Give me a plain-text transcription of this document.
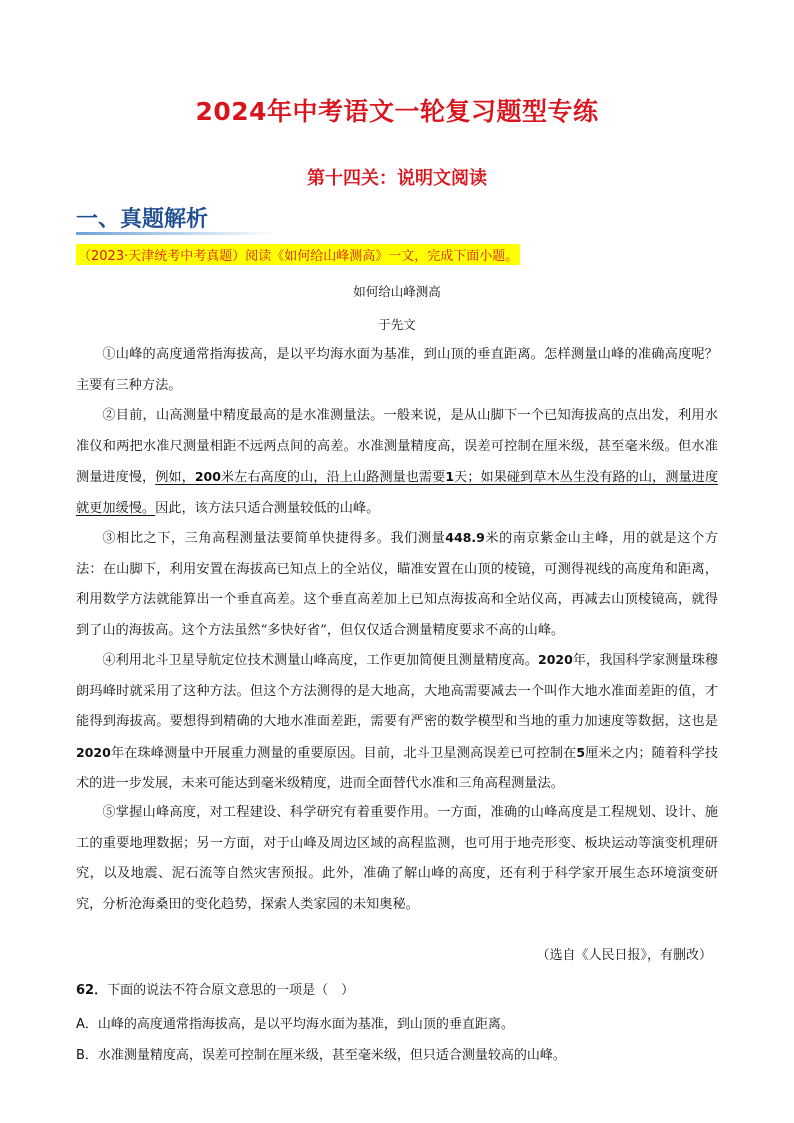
2024年中考语文一轮复习题型专练
第十四关：说明文阅读
一、真题解析
（2023·天津统考中考真题）阅读《如何给山峰测高》一文，完成下面小题。
如何给山峰测高
于先文

①山峰的高度通常指海拔高，是以平均海水面为基准，到山顶的垂直距离。怎样测量山峰的准确高度呢？主要有三种方法。

②目前，山高测量中精度最高的是水准测量法。一般来说，是从山脚下一个已知海拔高的点出发，利用水准仪和两把水准尺测量相距不远两点间的高差。水准测量精度高，误差可控制在厘米级，甚至毫米级。但水准测量进度慢，例如，200米左右高度的山，沿上山路测量也需要1天；如果碰到草木丛生没有路的山，测量进度就更加缓慢。因此，该方法只适合测量较低的山峰。

③相比之下，三角高程测量法要简单快捷得多。我们测量448.9米的南京紫金山主峰，用的就是这个方法：在山脚下，利用安置在海拔高已知点上的全站仪，瞄准安置在山顶的棱镜，可测得视线的高度角和距离，利用数学方法就能算出一个垂直高差。这个垂直高差加上已知点海拔高和全站仪高，再减去山顶棱镜高，就得到了山的海拔高。这个方法虽然“多快好省”，但仅仅适合测量精度要求不高的山峰。

④利用北斗卫星导航定位技术测量山峰高度，工作更加简便且测量精度高。2020年，我国科学家测量珠穆朗玛峰时就采用了这种方法。但这个方法测得的是大地高，大地高需要减去一个叫作大地水准面差距的值，才能得到海拔高。要想得到精确的大地水准面差距，需要有严密的数学模型和当地的重力加速度等数据，这也是2020年在珠峰测量中开展重力测量的重要原因。目前，北斗卫星测高误差已可控制在5厘米之内；随着科学技术的进一步发展，未来可能达到毫米级精度，进而全面替代水准和三角高程测量法。

⑤掌握山峰高度，对工程建设、科学研究有着重要作用。一方面，准确的山峰高度是工程规划、设计、施工的重要地理数据；另一方面，对于山峰及周边区域的高程监测，也可用于地壳形变、板块运动等演变机理研究，以及地震、泥石流等自然灾害预报。此外，准确了解山峰的高度，还有利于科学家开展生态环境演变研究，分析沧海桑田的变化趋势，探索人类家园的未知奥秘。

（选自《人民日报》，有删改）
62．下面的说法不符合原文意思的一项是（　）
A．山峰的高度通常指海拔高，是以平均海水面为基准，到山顶的垂直距离。
B．水准测量精度高，误差可控制在厘米级，甚至毫米级，但只适合测量较高的山峰。
